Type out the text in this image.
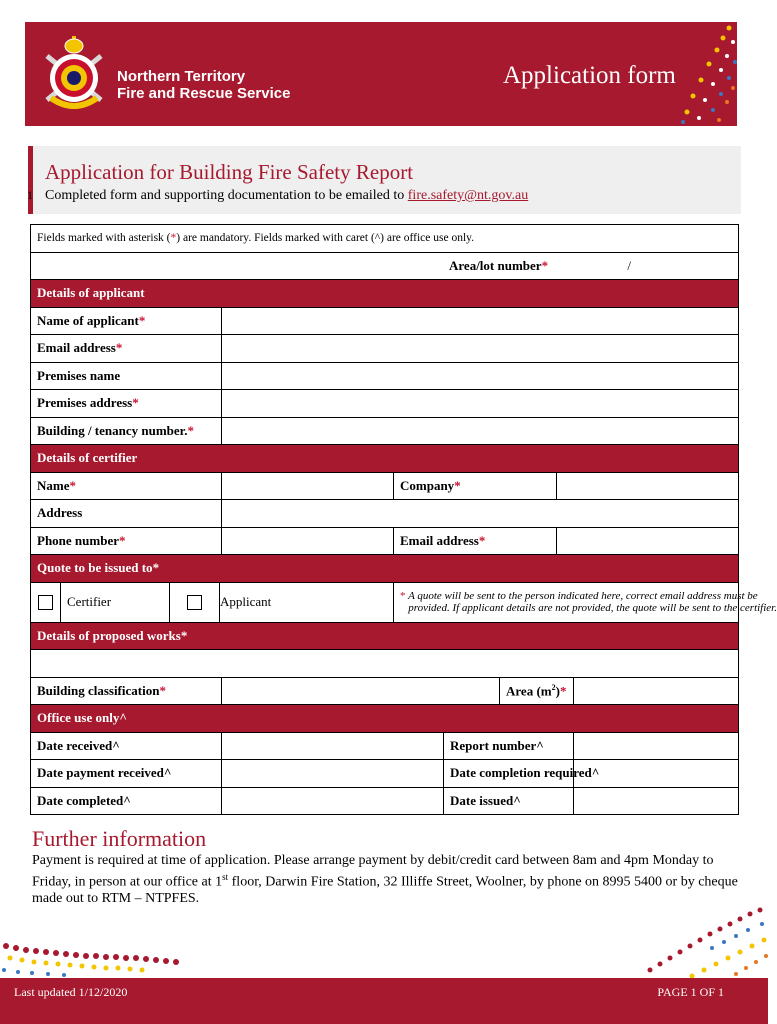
Northern Territory
Fire and Rescue Service
Application form
Application for Building Fire Safety Report
Completed form and supporting documentation to be emailed to fire.safety@nt.gov.au
1
Fields marked with asterisk (*) are mandatory. Fields marked with caret (^) are office use only.									
Area/lot number* /									
Details of applicant									
Name of applicant*									
Email address*									
Premises name									
Premises address*									
Building / tenancy number.*									
Details of certifier									
Name*					Company*				
Address									
Phone number*					Email address*				
Quote to be issued to*									
	Certifier		Applicant		* A quote will be sent to the person indicated here, correct email address must be
provided. If applicant details are not provided, the quote will be sent to the certifier.				
Details of proposed works*									

Building classification*							Area $(m^2)*$		
Office use only^									
Date received^						Report number^			
Date payment received^						Date completion required^			
Date completed^						Date issued^			
Further information
Payment is required at time of application. Please arrange payment by debit/credit card between 8am and 4pm Monday to Friday, in person at our office at 1st floor, Darwin Fire Station, 32 Illiffe Street, Woolner, by phone on 8995 5400 or by cheque made out to RTM – NTPFES.
Last updated 1/12/2020	PAGE 1 OF 1
